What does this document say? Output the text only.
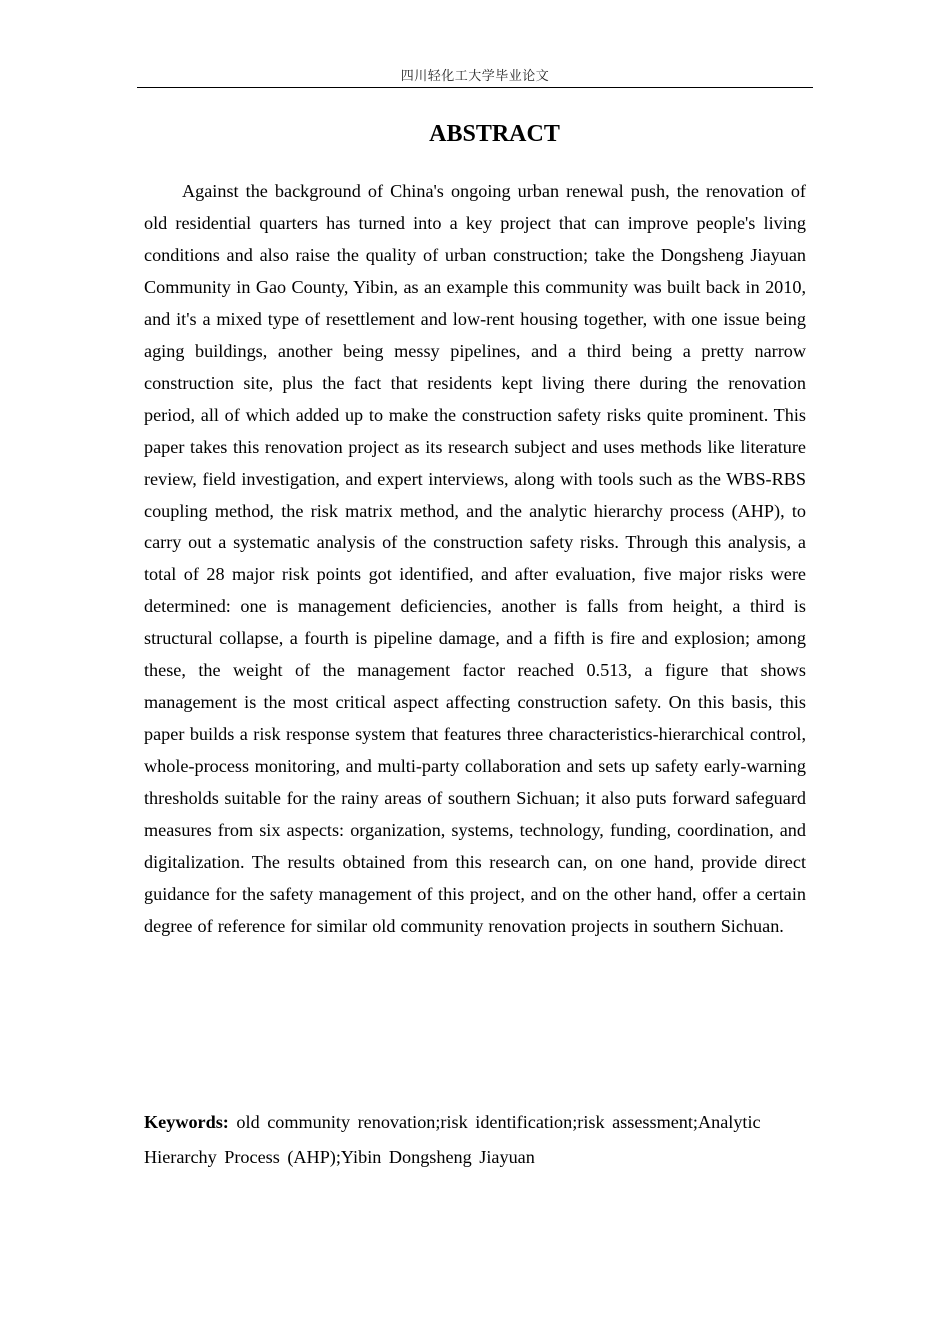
四川轻化工大学毕业论文
ABSTRACT

Against the background of China's ongoing urban renewal push, the renovation of old residential quarters has turned into a key project that can improve people's living conditions and also raise the quality of urban construction; take the Dongsheng Jiayuan Community in Gao County, Yibin, as an example this community was built back in 2010, and it's a mixed type of resettlement and low-rent housing together, with one issue being aging buildings, another being messy pipelines, and a third being a pretty narrow construction site, plus the fact that residents kept living there during the renovation period, all of which added up to make the construction safety risks quite prominent. This paper takes this renovation project as its research subject and uses methods like literature review, field investigation, and expert interviews, along with tools such as the WBS-RBS coupling method, the risk matrix method, and the analytic hierarchy process (AHP), to carry out a systematic analysis of the construction safety risks. Through this analysis, a total of 28 major risk points got identified, and after evaluation, five major risks were determined: one is management deficiencies, another is falls from height, a third is structural collapse, a fourth is pipeline damage, and a fifth is fire and explosion; among these, the weight of the management factor reached 0.513, a figure that shows management is the most critical aspect affecting construction safety. On this basis, this paper builds a risk response system that features three characteristics-hierarchical control, whole-process monitoring, and multi-party collaboration and sets up safety early-warning thresholds suitable for the rainy areas of southern Sichuan; it also puts forward safeguard measures from six aspects: organization, systems, technology, funding, coordination, and digitalization. The results obtained from this research can, on one hand, provide direct guidance for the safety management of this project, and on the other hand, offer a certain degree of reference for similar old community renovation projects in southern Sichuan.

Keywords: old community renovation;risk identification;risk assessment;Analytic Hierarchy Process (AHP);Yibin Dongsheng Jiayuan
